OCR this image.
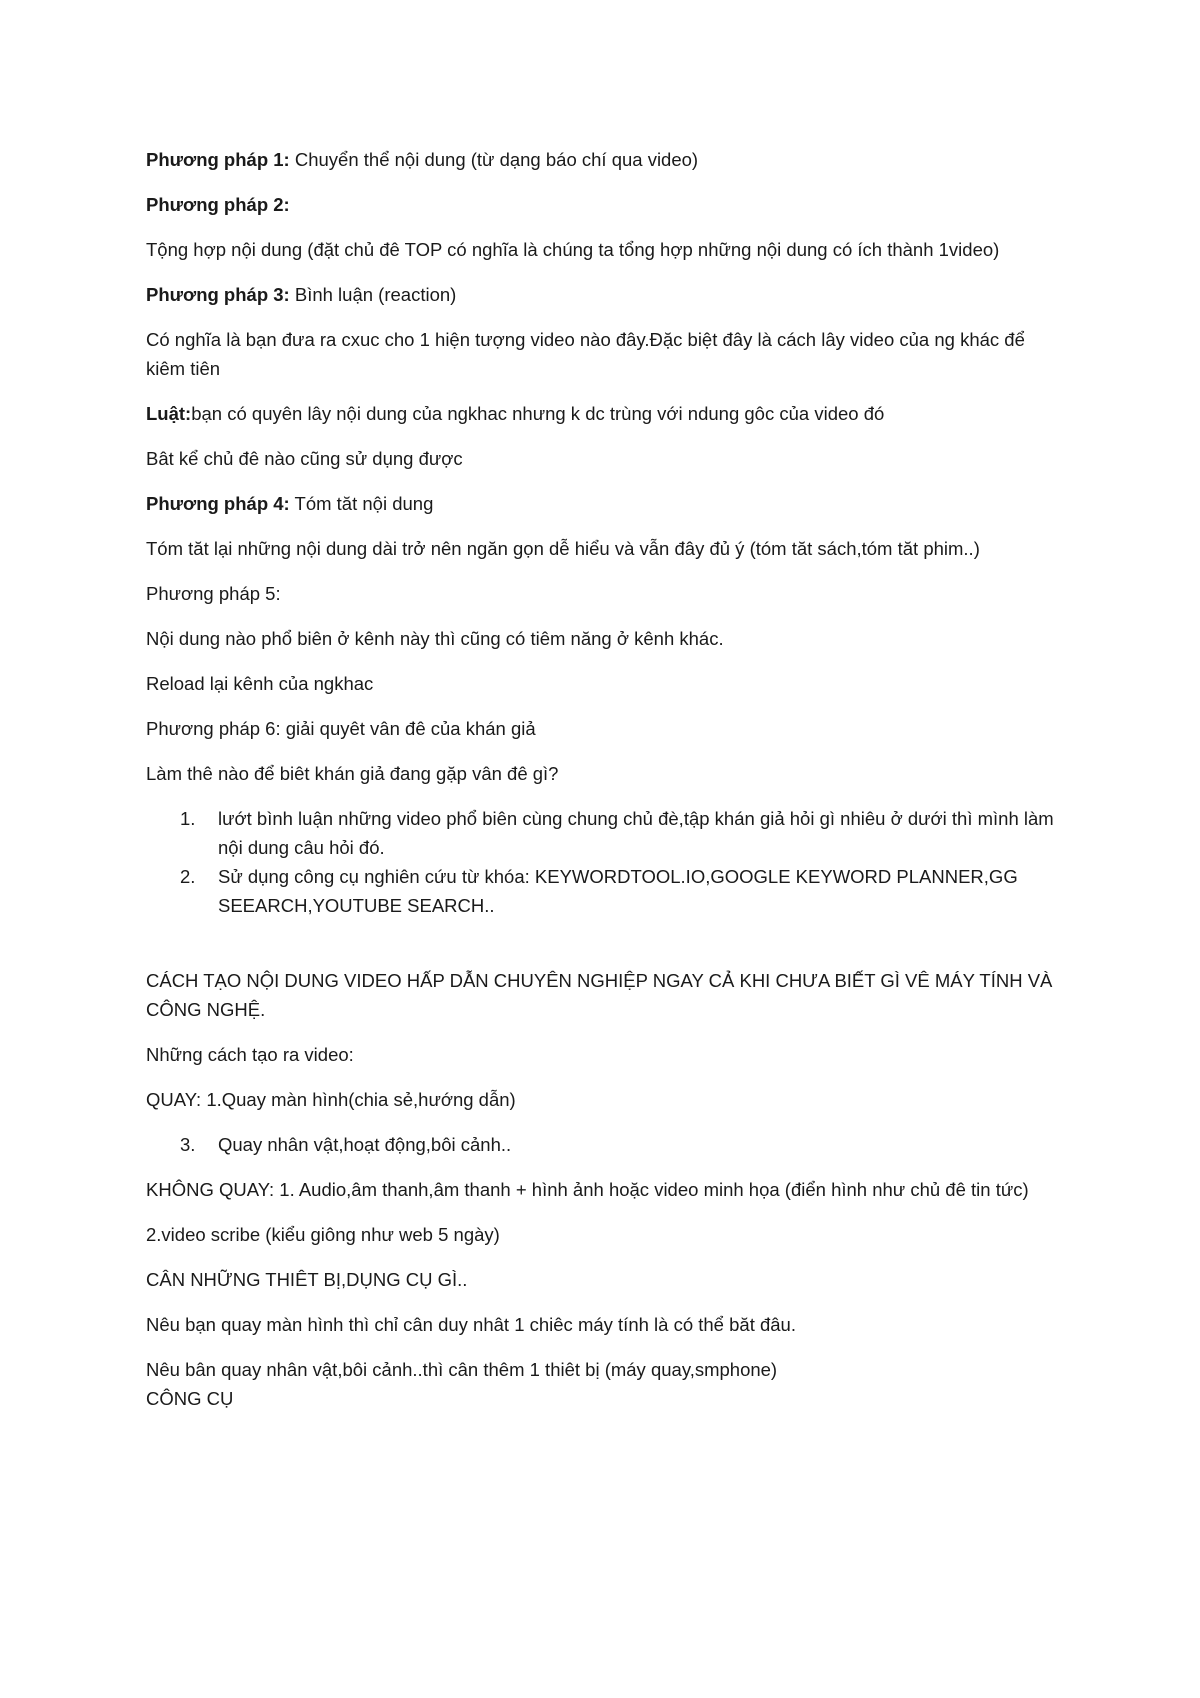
Phương pháp 1: Chuyển thể nội dung (từ dạng báo chí qua video)

Phương pháp 2:

Tộng hợp nội dung (đặt chủ đê TOP có nghĩa là chúng ta tổng hợp những nội dung có ích thành 1video)

Phương pháp 3: Bình luận (reaction)

Có nghĩa là bạn đưa ra cxuc cho 1 hiện tượng video nào đây.Đặc biệt đây là cách lây video của ng khác để kiêm tiên

Luật:bạn có quyên lây nội dung của ngkhac nhưng k dc trùng với ndung gôc của video đó

Bât kể chủ đê nào cũng sử dụng được

Phương pháp 4: Tóm tăt nội dung

Tóm tăt lại những nội dung dài trở nên ngăn gọn dễ hiểu và vẫn đây đủ ý (tóm tăt sách,tóm tăt phim..)

Phương pháp 5:

Nội dung nào phổ biên ở kênh này thì cũng có tiêm năng ở kênh khác.

Reload lại kênh của ngkhac

Phương pháp 6: giải quyêt vân đê của khán giả

Làm thê nào để biêt khán giả đang gặp vân đê gì?

1. lướt bình luận những video phổ biên cùng chung chủ đè,tập khán giả hỏi gì nhiêu ở dưới thì mình làm nội dung câu hỏi đó.
2. Sử dụng công cụ nghiên cứu từ khóa: KEYWORDTOOL.IO,GOOGLE KEYWORD PLANNER,GG SEEARCH,YOUTUBE SEARCH..

CÁCH TẠO NỘI DUNG VIDEO HẤP DẪN CHUYÊN NGHIỆP NGAY CẢ KHI CHƯA BIẾT GÌ VÊ MÁY TÍNH VÀ CÔNG NGHỆ.

Những cách tạo ra video:

QUAY: 1.Quay màn hình(chia sẻ,hướng dẫn)

3. Quay nhân vật,hoạt động,bôi cảnh..

KHÔNG QUAY: 1. Audio,âm thanh,âm thanh + hình ảnh hoặc video minh họa (điển hình như chủ đê tin tức)

2.video scribe (kiểu giông như web 5 ngày)

CÂN NHỮNG THIÊT BỊ,DỤNG CỤ GÌ..

Nêu bạn quay màn hình thì chỉ cân duy nhât 1 chiêc máy tính là có thể băt đâu.

Nêu bân quay nhân vật,bôi cảnh..thì cân thêm 1 thiêt bị (máy quay,smphone)

CÔNG CỤ
